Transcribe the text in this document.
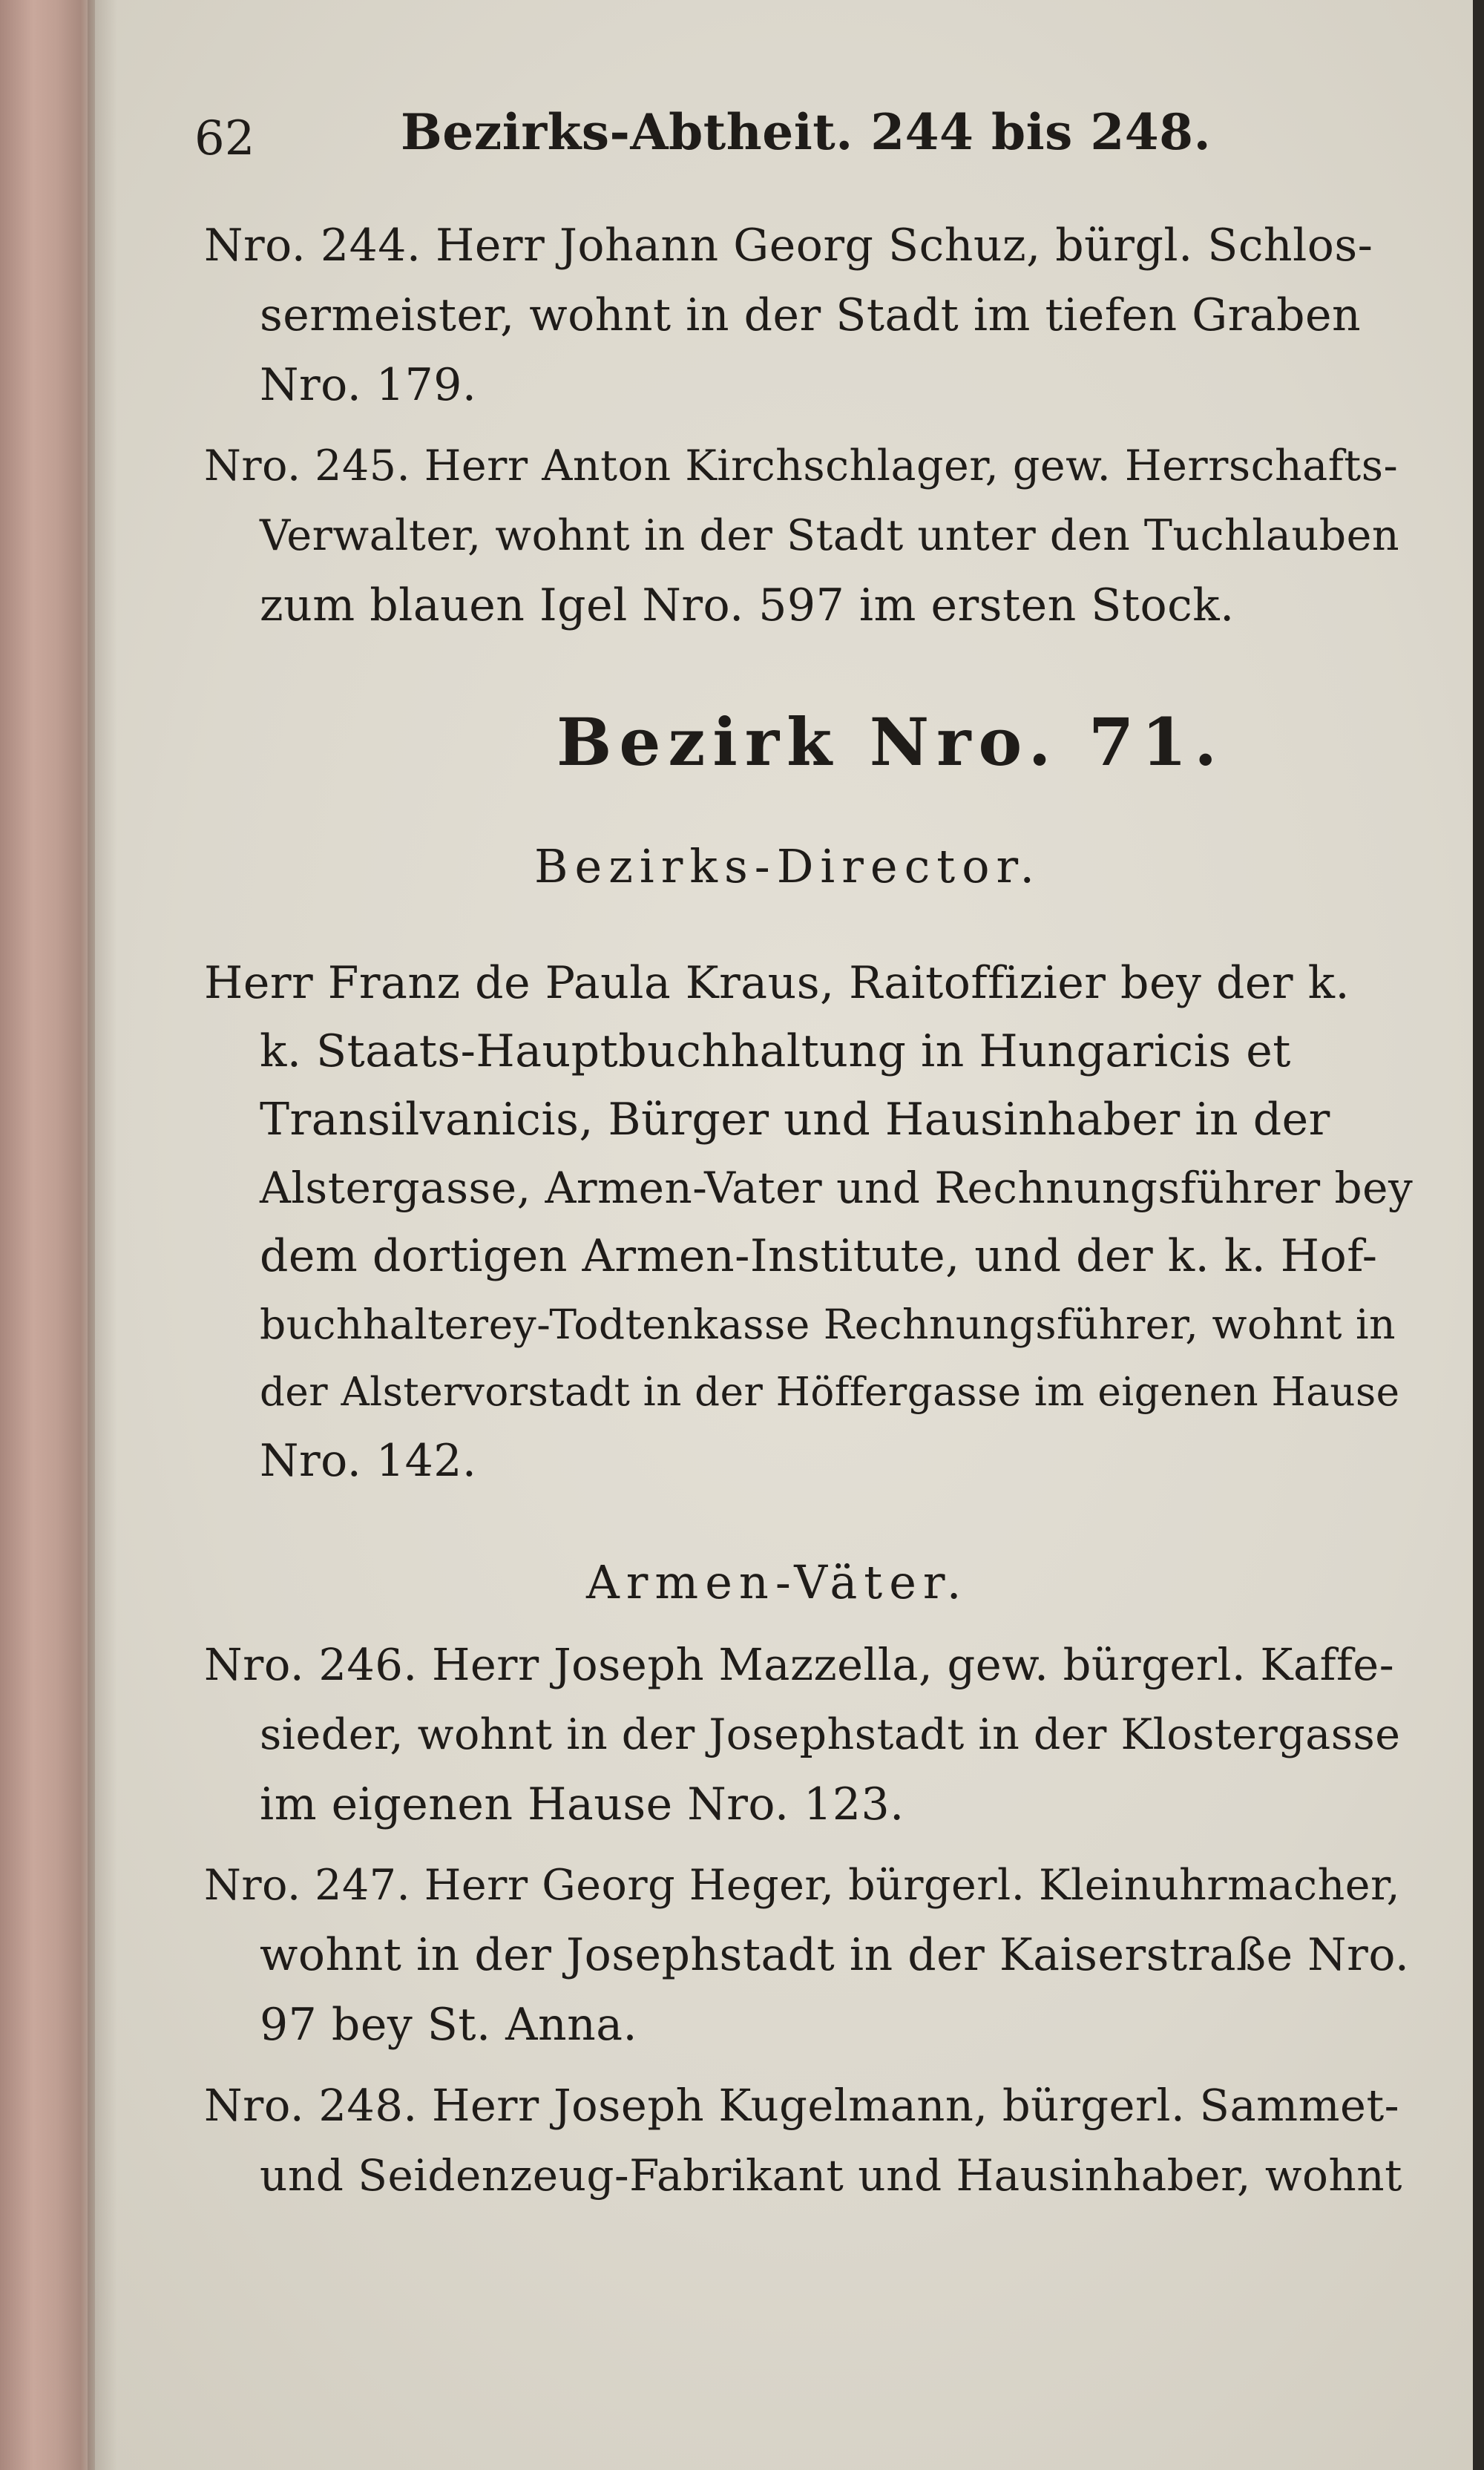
62	Bezirks-Abtheit. 244 bis 248.
Nro. 244. Herr Johann Georg Schuz, bürgl. Schlos-
sermeister, wohnt in der Stadt im tiefen Graben
Nro. 179.
Nro. 245. Herr Anton Kirchschlager, gew. Herrschafts-
Verwalter, wohnt in der Stadt unter den Tuchlauben
zum blauen Igel Nro. 597 im ersten Stock.
Bezirk Nro. 71.
Bezirks-Director.
Herr Franz de Paula Kraus, Raitoffizier bey der k.
k. Staats-Hauptbuchhaltung in Hungaricis et
Transilvanicis, Bürger und Hausinhaber in der
Alstergasse, Armen-Vater und Rechnungsführer bey
dem dortigen Armen-Institute, und der k. k. Hof-
buchhalterey-Todtenkasse Rechnungsführer, wohnt in
der Alstervorstadt in der Höffergasse im eigenen Hause
Nro. 142.
Armen-Väter.
Nro. 246. Herr Joseph Mazzella, gew. bürgerl. Kaffe-
sieder, wohnt in der Josephstadt in der Klostergasse
im eigenen Hause Nro. 123.
Nro. 247. Herr Georg Heger, bürgerl. Kleinuhrmacher,
wohnt in der Josephstadt in der Kaiserstraße Nro.
97 bey St. Anna.
Nro. 248. Herr Joseph Kugelmann, bürgerl. Sammet-
und Seidenzeug-Fabrikant und Hausinhaber, wohnt
